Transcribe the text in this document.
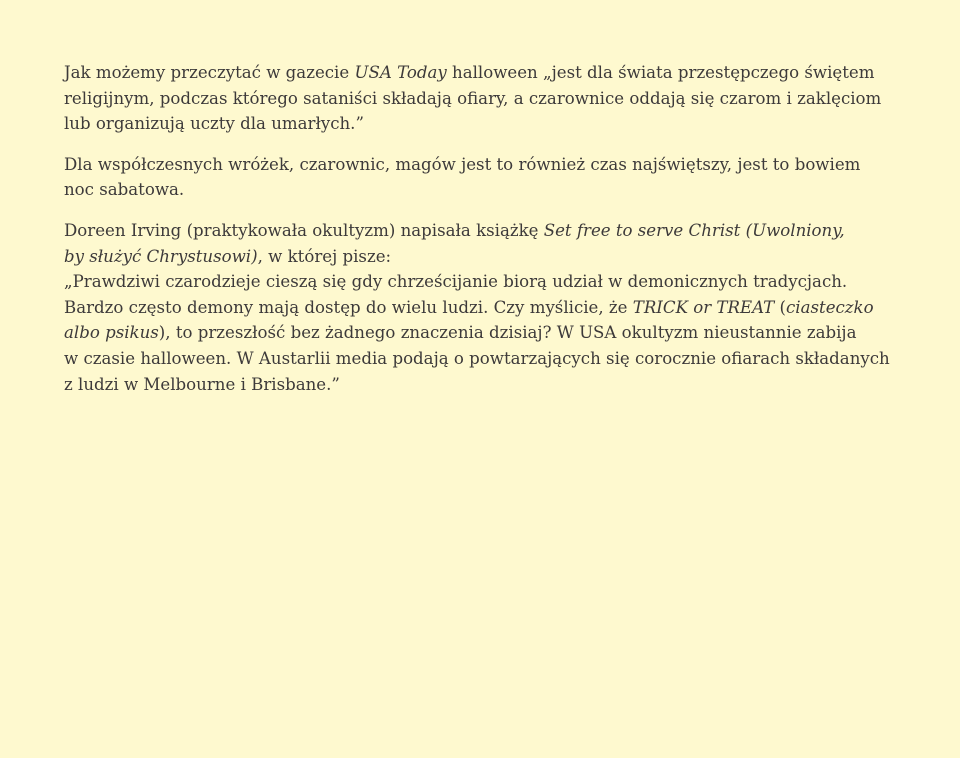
Jak możemy przeczytać w gazecie USA Today halloween „jest dla świata przestępczego świętem
religijnym, podczas którego sataniści składają ofiary, a czarownice oddają się czarom i zaklęciom
lub organizują uczty dla umarłych.”

Dla współczesnych wróżek, czarownic, magów jest to również czas najświętszy, jest to bowiem
noc sabatowa.

Doreen Irving (praktykowała okultyzm) napisała książkę Set free to serve Christ (Uwolniony,
by służyć Chrystusowi), w której pisze:
„Prawdziwi czarodzieje cieszą się gdy chrześcijanie biorą udział w demonicznych tradycjach.
Bardzo często demony mają dostęp do wielu ludzi. Czy myślicie, że TRICK or TREAT (ciasteczko
albo psikus), to przeszłość bez żadnego znaczenia dzisiaj? W USA okultyzm nieustannie zabija
w czasie halloween. W Austarlii media podają o powtarzających się corocznie ofiarach składanych
z ludzi w Melbourne i Brisbane.”
